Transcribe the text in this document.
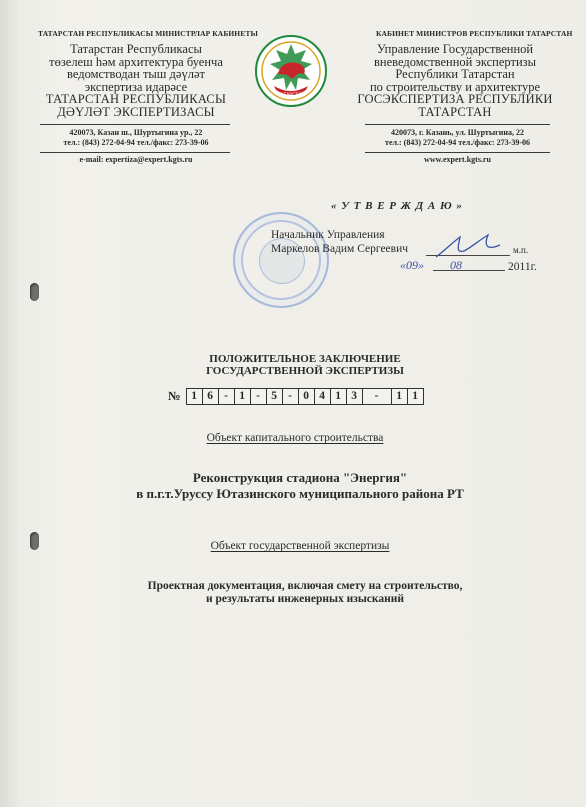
ТАТАРСТАН РЕСПУБЛИКАСЫ МИНИСТРЛАР КАБИНЕТЫ
Татарстан Республикасы
төзелеш һәм архитектура буенча
ведомстводан тыш дәүләт
экспертиза идарәсе
ТАТАРСТАН РЕСПУБЛИКАСЫ
ДӘҮЛӘТ ЭКСПЕРТИЗАСЫ
420073, Казан ш., Шуртыгина ур., 22
тел.: (843) 272-04-94 тел./факс: 273-39-06
e-mail: expertiza@expert.kgts.ru
ТАТАРСТАН
КАБИНЕТ МИНИСТРОВ РЕСПУБЛИКИ ТАТАРСТАН
Управление Государственной
вневедомственной экспертизы
Республики Татарстан
по строительству и архитектуре
ГОСЭКСПЕРТИЗА РЕСПУБЛИКИ
ТАТАРСТАН
420073, г. Казань, ул. Шуртыгина, 22
тел.: (843) 272-04-94 тел./факс: 273-39-06
www.expert.kgts.ru
« У Т В Е Р Ж Д А Ю »
Начальник Управления
Маркелов Вадим Сергеевич	м.п.
«09» 08	2011г.
ПОЛОЖИТЕЛЬНОЕ ЗАКЛЮЧЕНИЕ
ГОСУДАРСТВЕННОЙ ЭКСПЕРТИЗЫ
№ 1 6 - 1 - 5 - 0 4 1 3 - 1 1
Объект капитального строительства
Реконструкция стадиона "Энергия"
в п.г.т.Уруссу Ютазинского муниципального района РТ
Объект государственной экспертизы
Проектная документация, включая смету на строительство,
и результаты инженерных изысканий
